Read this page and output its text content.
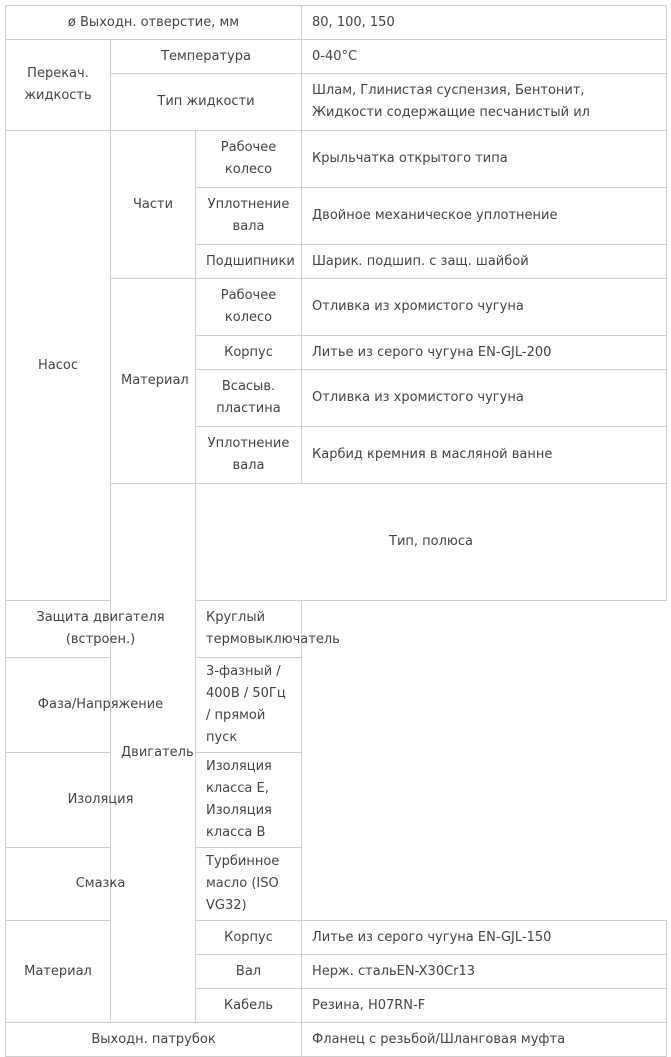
ø Выходн. отверстие, мм			80, 100, 150	
Перекач. жидкость	Температура		0-40°C	
	Тип жидкости		Шлам, Глинистая суспензия, Бентонит, Жидкости содержащие песчанистый ил	
Насос	Части	Рабочее колесо	Крыльчатка открытого типа	
		Уплотнение вала	Двойное механическое уплотнение	
		Подшипники	Шарик. подшип. с защ. шайбой	
	Материал	Рабочее колесо	Отливка из хромистого чугуна	
		Корпус	Литье из серого чугуна EN-GJL-200	
		Всасыв. пластина	Отливка из хромистого чугуна	
		Уплотнение вала	Карбид кремния в масляной ванне	
	Двигатель	Тип, полюса	
Защита двигателя (встроен.)		Круглый термовыключатель		
Фаза/Напряжение		3-фазный / 400В / 50Гц / прямой пуск		
Изоляция		Изоляция класса E, Изоляция класса B		
Смазка		Турбинное масло (ISO VG32)		
Материал		Корпус	Литье из серого чугуна EN-GJL-150	
		Вал	Нерж. стальEN-X30Cr13	
		Кабель	Резина, H07RN-F	
Выходн. патрубок			Фланец с резьбой/Шланговая муфта	
